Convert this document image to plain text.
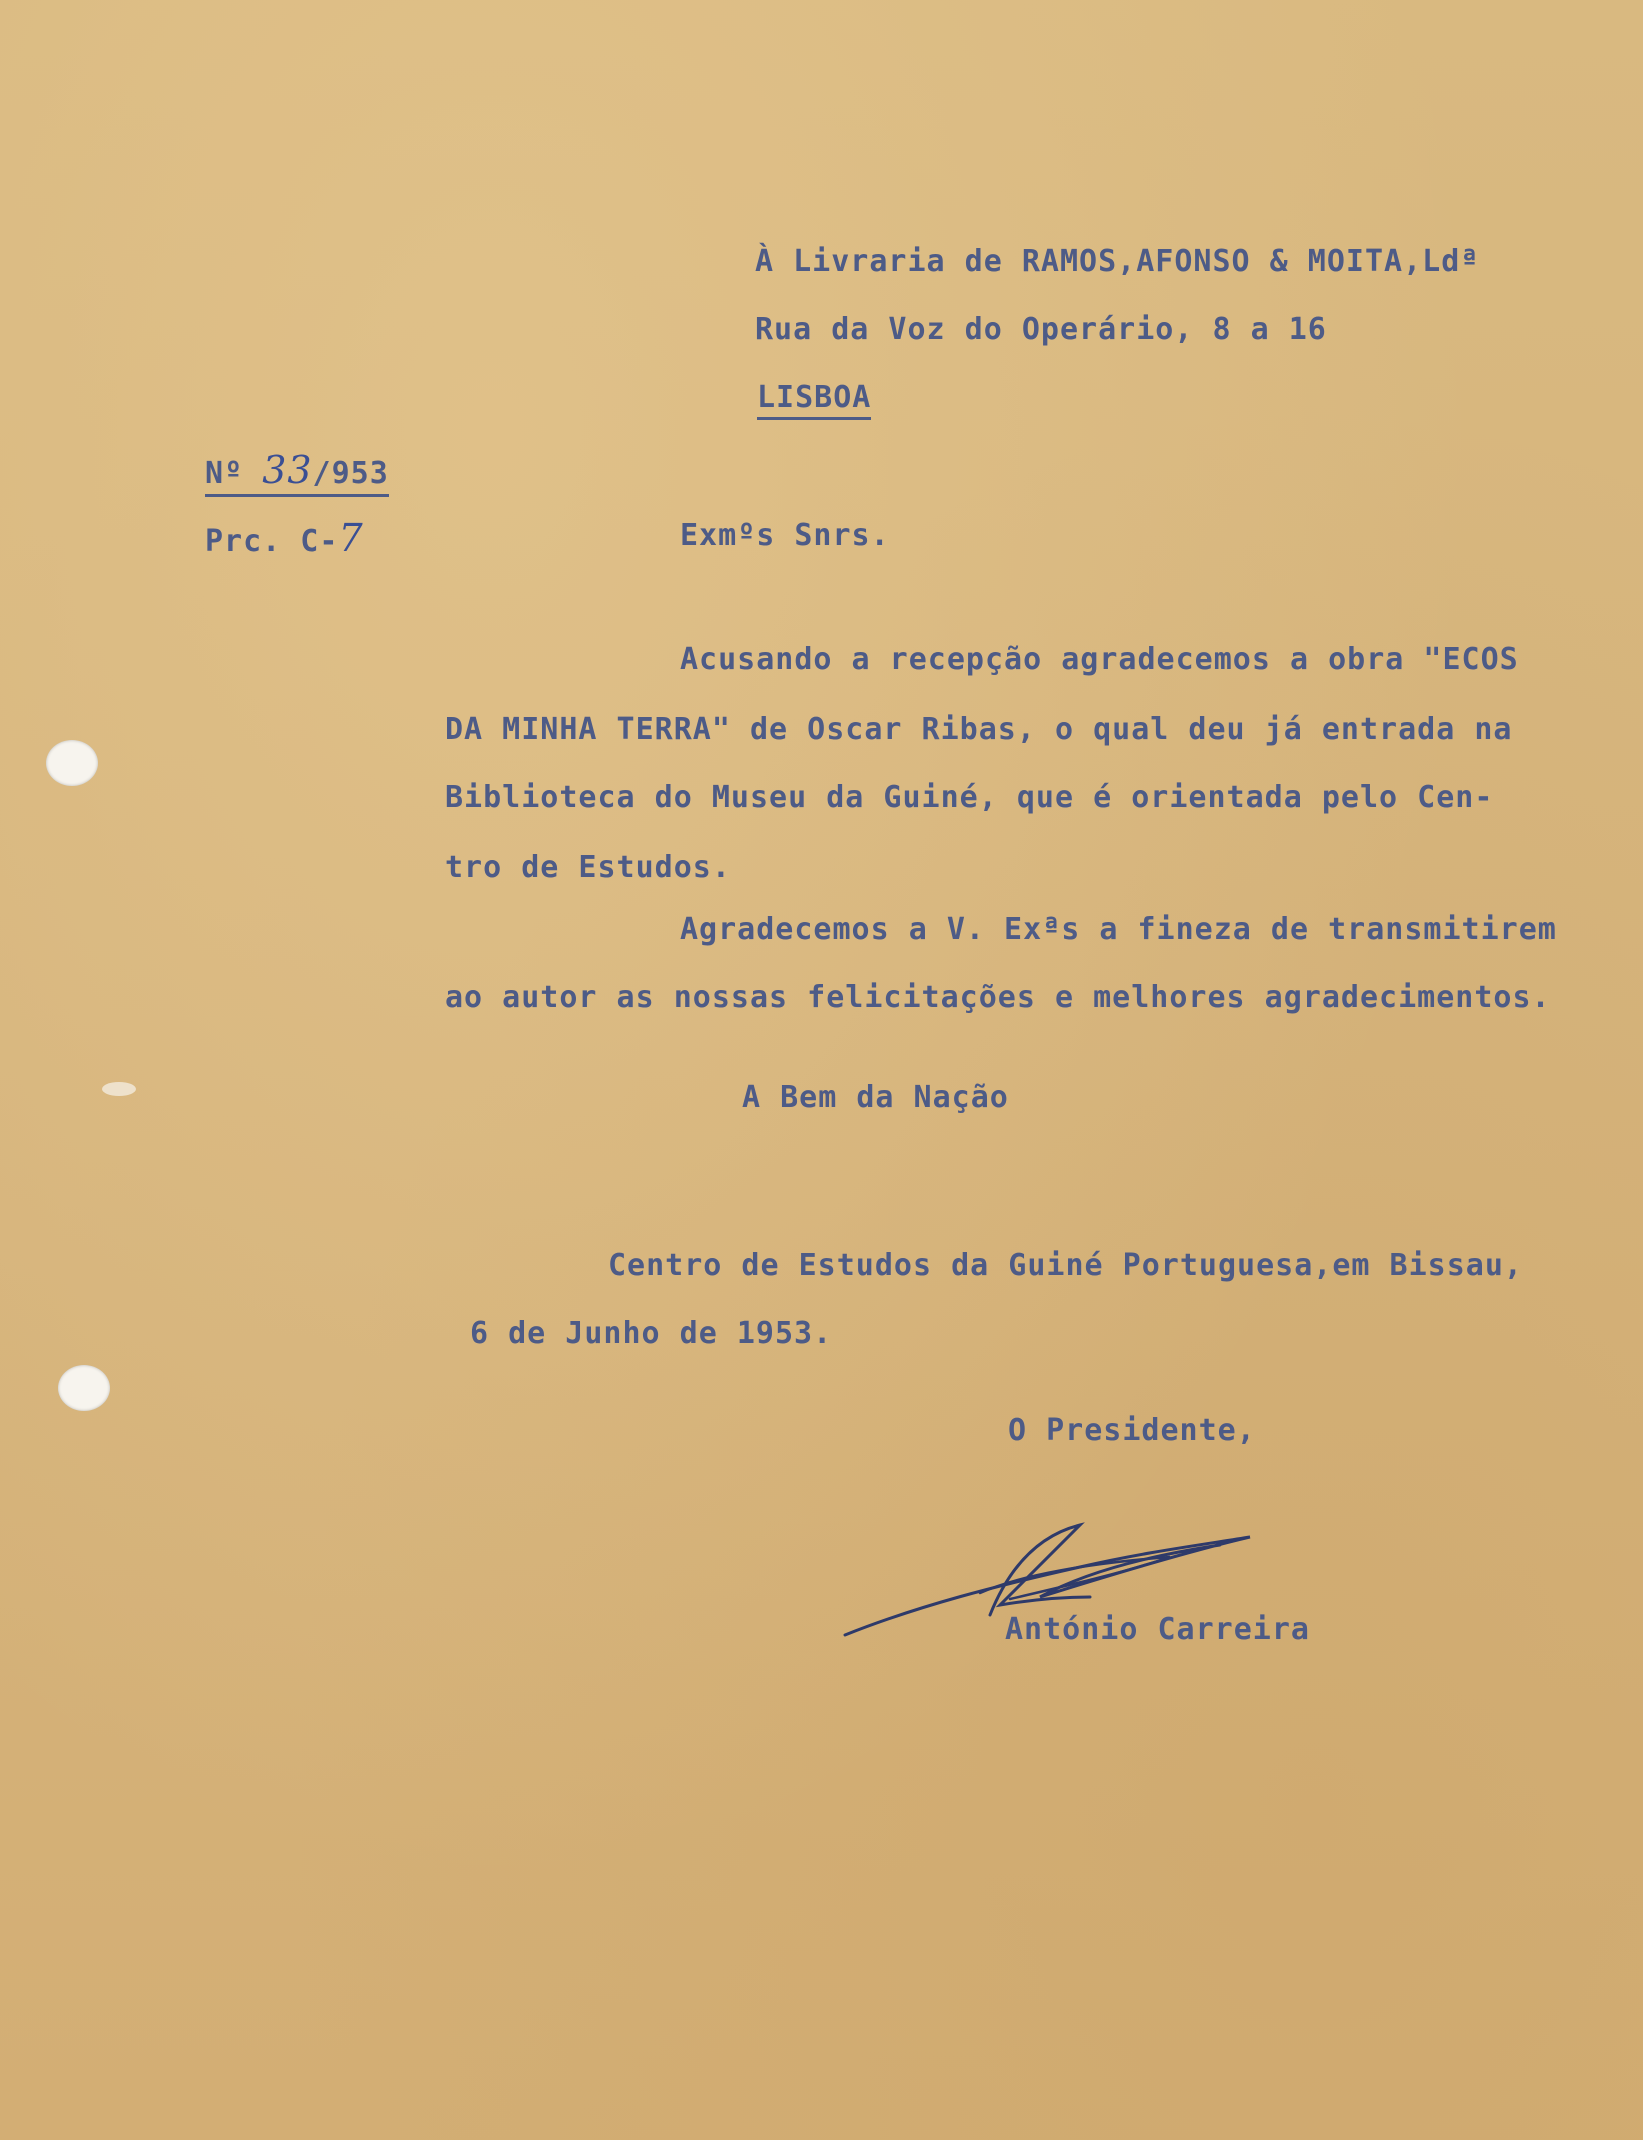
À Livraria de RAMOS,AFONSO & MOITA,Ldª
Rua da Voz do Operário, 8 a 16
LISBOA
Nº 33/953
Prc. C-7	Exmºs Snrs.
Acusando a recepção agradecemos a obra "ECOS
DA MINHA TERRA" de Oscar Ribas, o qual deu já entrada na
Biblioteca do Museu da Guiné, que é orientada pelo Cen-
tro de Estudos.
Agradecemos a V. Exªs a fineza de transmitirem
ao autor as nossas felicitações e melhores agradecimentos.
A Bem da Nação
Centro de Estudos da Guiné Portuguesa,em Bissau,
6 de Junho de 1953.
O Presidente,
António Carreira
